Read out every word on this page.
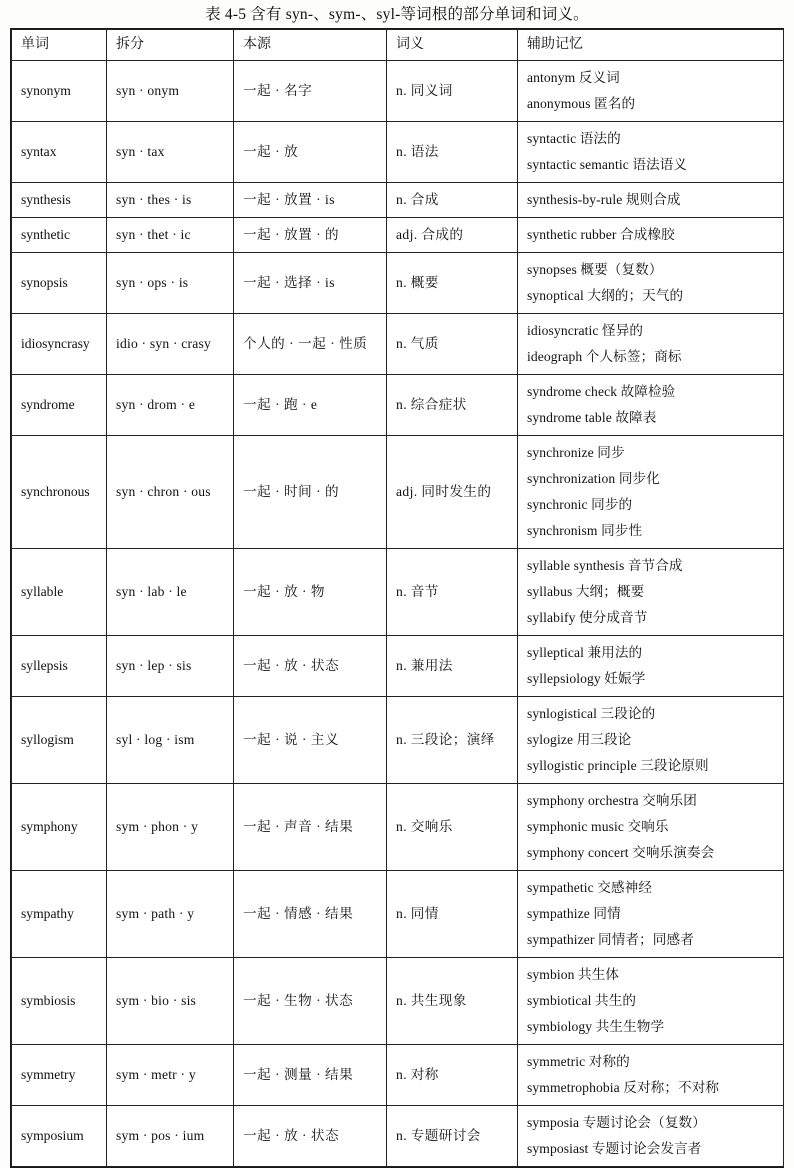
表 4-5 含有 syn-、sym-、syl-等词根的部分单词和词义。
单词	拆分	本源	词义	辅助记忆
synonym	syn · onym	一起 · 名字	n. 同义词	antonym 反义词
anonymous 匿名的

syntax	syn · tax	一起 · 放	n. 语法	syntactic 语法的
syntactic semantic 语法语义

synthesis	syn · thes · is	一起 · 放置 · is	n. 合成	synthesis-by-rule 规则合成

synthetic	syn · thet · ic	一起 · 放置 · 的	adj. 合成的	synthetic rubber 合成橡胶

synopsis	syn · ops · is	一起 · 选择 · is	n. 概要	synopses 概要（复数）
synoptical 大纲的；天气的

idiosyncrasy	idio · syn · crasy	个人的 · 一起 · 性质	n. 气质	idiosyncratic 怪异的
ideograph 个人标签；商标

syndrome	syn · drom · e	一起 · 跑 · e	n. 综合症状	syndrome check 故障检验
syndrome table 故障表

synchronous	syn · chron · ous	一起 · 时间 · 的	adj. 同时发生的	synchronize 同步
synchronization 同步化
synchronic 同步的
synchronism 同步性

syllable	syn · lab · le	一起 · 放 · 物	n. 音节	syllable synthesis 音节合成
syllabus 大纲；概要
syllabify 使分成音节

syllepsis	syn · lep · sis	一起 · 放 · 状态	n. 兼用法	sylleptical 兼用法的
syllepsiology 妊娠学

syllogism	syl · log · ism	一起 · 说 · 主义	n. 三段论；演绎	synlogistical 三段论的
sylogize 用三段论
syllogistic principle 三段论原则

symphony	sym · phon · y	一起 · 声音 · 结果	n. 交响乐	symphony orchestra 交响乐团
symphonic music 交响乐
symphony concert 交响乐演奏会

sympathy	sym · path · y	一起 · 情感 · 结果	n. 同情	sympathetic 交感神经
sympathize 同情
sympathizer 同情者；同感者

symbiosis	sym · bio · sis	一起 · 生物 · 状态	n. 共生现象	symbion 共生体
symbiotical 共生的
symbiology 共生生物学

symmetry	sym · metr · y	一起 · 测量 · 结果	n. 对称	symmetric 对称的
symmetrophobia 反对称；不对称

symposium	sym · pos · ium	一起 · 放 · 状态	n. 专题研讨会	symposia 专题讨论会（复数）
symposiast 专题讨论会发言者
